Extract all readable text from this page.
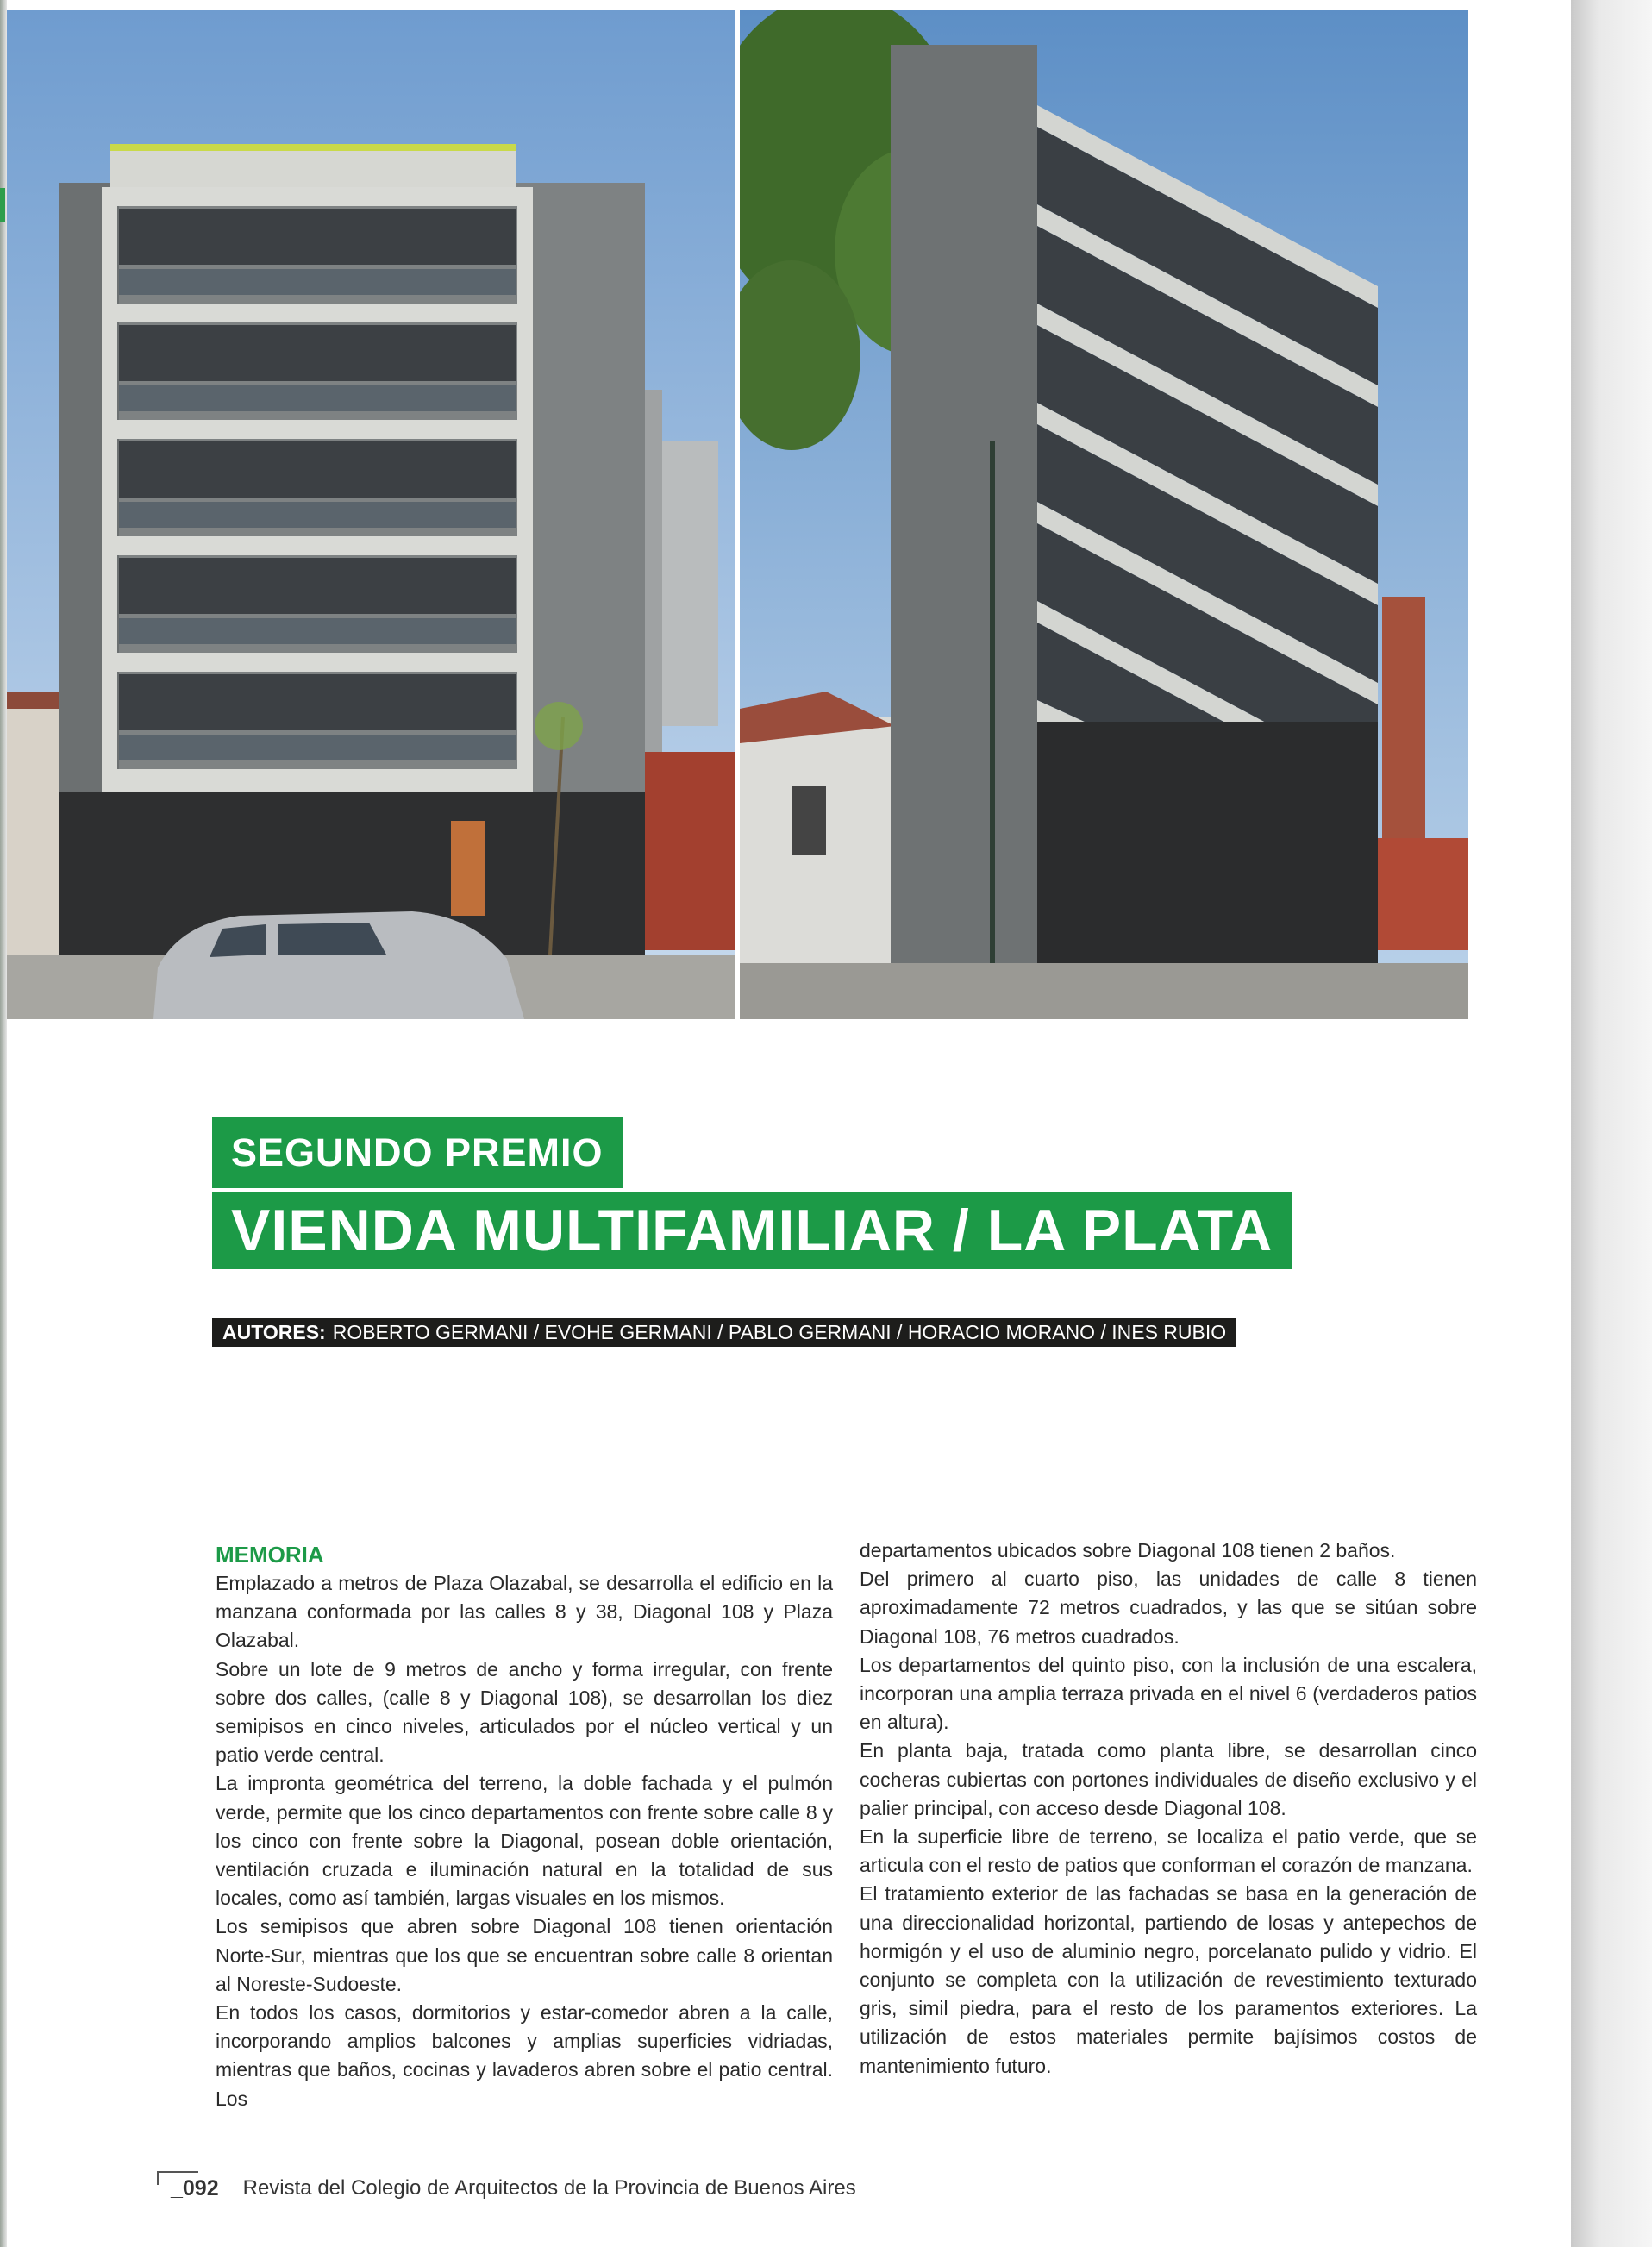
SEGUNDO PREMIO
VIENDA MULTIFAMILIAR / LA PLATA
AUTORES: ROBERTO GERMANI / EVOHE GERMANI / PABLO GERMANI / HORACIO MORANO / INES RUBIO
MEMORIA

Emplazado a metros de Plaza Olazabal, se desarrolla el edificio en la manzana conformada por las calles 8 y 38, Diagonal 108 y Plaza Olazabal.

Sobre un lote de 9 metros de ancho y forma irregular, con frente sobre dos calles, (calle 8 y Diagonal 108), se desarrollan los diez semipisos en cinco niveles, articulados por el núcleo vertical y un patio verde central.

La impronta geométrica del terreno, la doble fachada y el pulmón verde, permite que los cinco departamentos con frente sobre calle 8 y los cinco con frente sobre la Diagonal, posean doble orientación, ventilación cruzada e iluminación natural en la totalidad de sus locales, como así también, largas visuales en los mismos.

Los semipisos que abren sobre Diagonal 108 tienen orientación Norte-Sur, mientras que los que se encuentran sobre calle 8 orientan al Noreste-Sudoeste.

En todos los casos, dormitorios y estar-comedor abren a la calle, incorporando amplios balcones y amplias superficies vidriadas, mientras que baños, cocinas y lavaderos abren sobre el patio central. Los

departamentos ubicados sobre Diagonal 108 tienen 2 baños.

Del primero al cuarto piso, las unidades de calle 8 tienen aproximadamente 72 metros cuadrados, y las que se sitúan sobre Diagonal 108, 76 metros cuadrados.

Los departamentos del quinto piso, con la inclusión de una escalera, incorporan una amplia terraza privada en el nivel 6 (verdaderos patios en altura).

En planta baja, tratada como planta libre, se desarrollan cinco cocheras cubiertas con portones individuales de diseño exclusivo y el palier principal, con acceso desde Diagonal 108.

En la superficie libre de terreno, se localiza el patio verde, que se articula con el resto de patios que conforman el corazón de manzana.

El tratamiento exterior de las fachadas se basa en la generación de una direccionalidad horizontal, partiendo de losas y antepechos de hormigón y el uso de aluminio negro, porcelanato pulido y vidrio. El conjunto se completa con la utilización de revestimiento texturado gris, simil piedra, para el resto de los paramentos exteriores. La utilización de estos materiales permite bajísimos costos de mantenimiento futuro.

_092 Revista del Colegio de Arquitectos de la Provincia de Buenos Aires
